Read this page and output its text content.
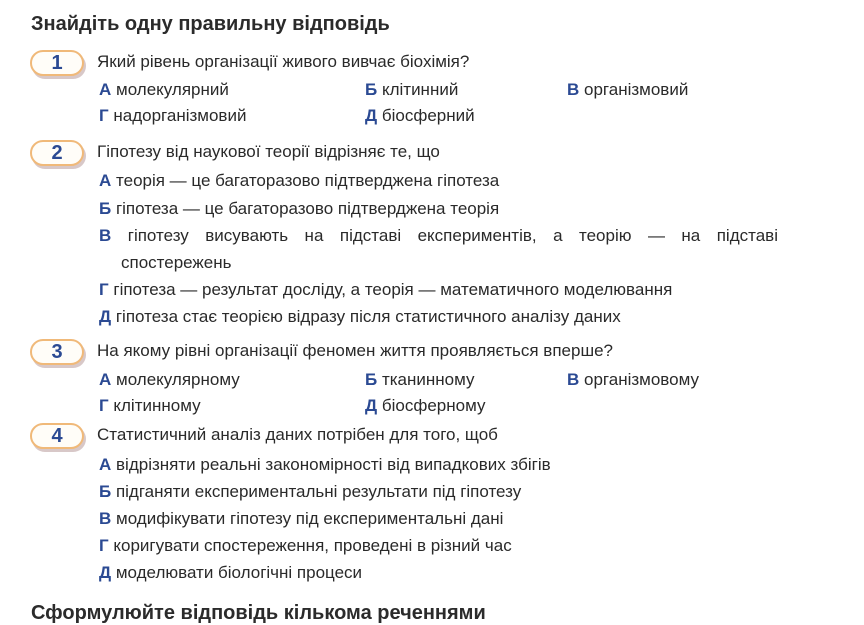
Знайдіть одну правильну відповідь
1	Який рівень організації живого вивчає біохімія?
А молекулярний	Б клітинний	В організмовий
Г надорганізмовий	Д біосферний
2	Гіпотезу від наукової теорії відрізняє те, що
А теорія — це багаторазово підтверджена гіпотеза
Б гіпотеза — це багаторазово підтверджена теорія
В гіпотезу висувають на підставі експериментів, а теорію — на підставі
спостережень
Г гіпотеза — результат досліду, а теорія — математичного моделювання
Д гіпотеза стає теорією відразу після статистичного аналізу даних
3	На якому рівні організації феномен життя проявляється вперше?
А молекулярному	Б тканинному	В організмовому
Г клітинному	Д біосферному
4	Статистичний аналіз даних потрібен для того, щоб
А відрізняти реальні закономірності від випадкових збігів
Б підганяти експериментальні результати під гіпотезу
В модифікувати гіпотезу під експериментальні дані
Г коригувати спостереження, проведені в різний час
Д моделювати біологічні процеси
Сформулюйте відповідь кількома реченнями
